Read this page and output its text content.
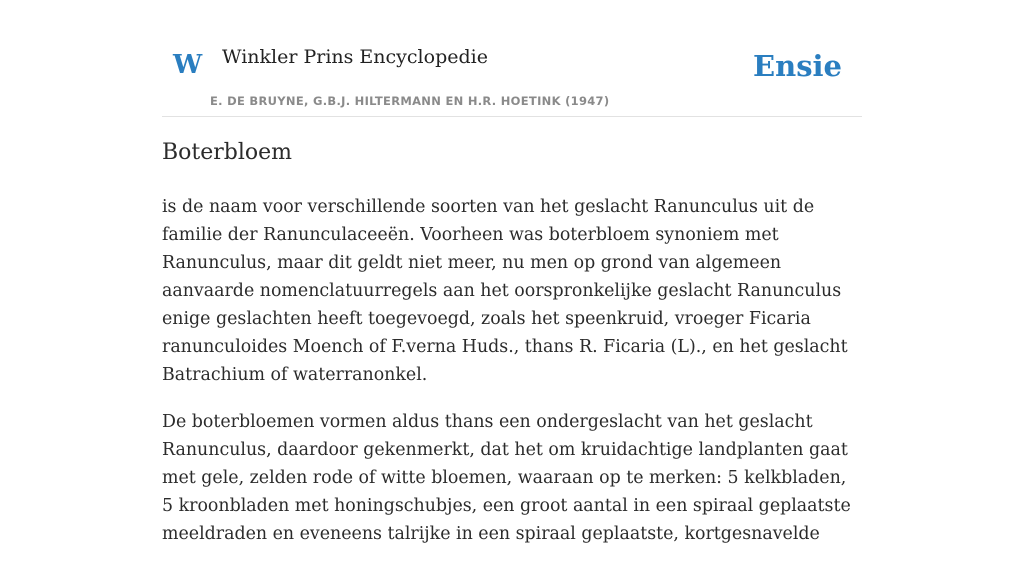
W Winkler Prins Encyclopedie
E. DE BRUYNE, G.B.J. HILTERMANN EN H.R. HOETINK (1947)
Ensie
Boterbloem

is de naam voor verschillende soorten van het geslacht Ranunculus uit de familie der Ranunculaceeën. Voorheen was boterbloem synoniem met Ranunculus, maar dit geldt niet meer, nu men op grond van algemeen aanvaarde nomenclatuurregels aan het oorspronkelijke geslacht Ranunculus enige geslachten heeft toegevoegd, zoals het speenkruid, vroeger Ficaria ranunculoides Moench of F.verna Huds., thans R. Ficaria (L)., en het geslacht Batrachium of waterranonkel.

De boterbloemen vormen aldus thans een ondergeslacht van het geslacht Ranunculus, daardoor gekenmerkt, dat het om kruidachtige landplanten gaat met gele, zelden rode of witte bloemen, waaraan op te merken: 5 kelkbladen, 5 kroonbladen met honingschubjes, een groot aantal in een spiraal geplaatste meeldraden en eveneens talrijke in een spiraal geplaatste, kortgesnavelde
